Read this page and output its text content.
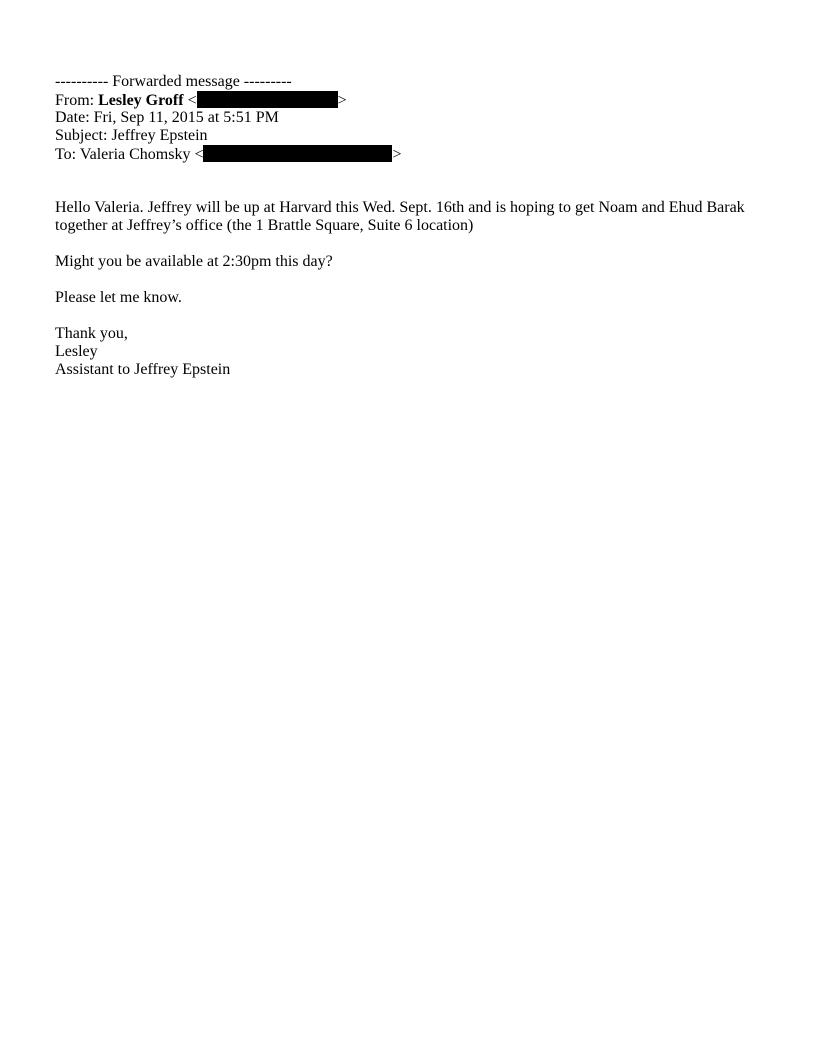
---------- Forwarded message ---------
From: Lesley Groff <	>
Date: Fri, Sep 11, 2015 at 5:51 PM
Subject: Jeffrey Epstein
To: Valeria Chomsky <	>

Hello Valeria. Jeffrey will be up at Harvard this Wed. Sept. 16th and is hoping to get Noam and Ehud Barak together at Jeffrey’s office (the 1 Brattle Square, Suite 6 location)

Might you be available at 2:30pm this day?

Please let me know.

Thank you,
Lesley
Assistant to Jeffrey Epstein
